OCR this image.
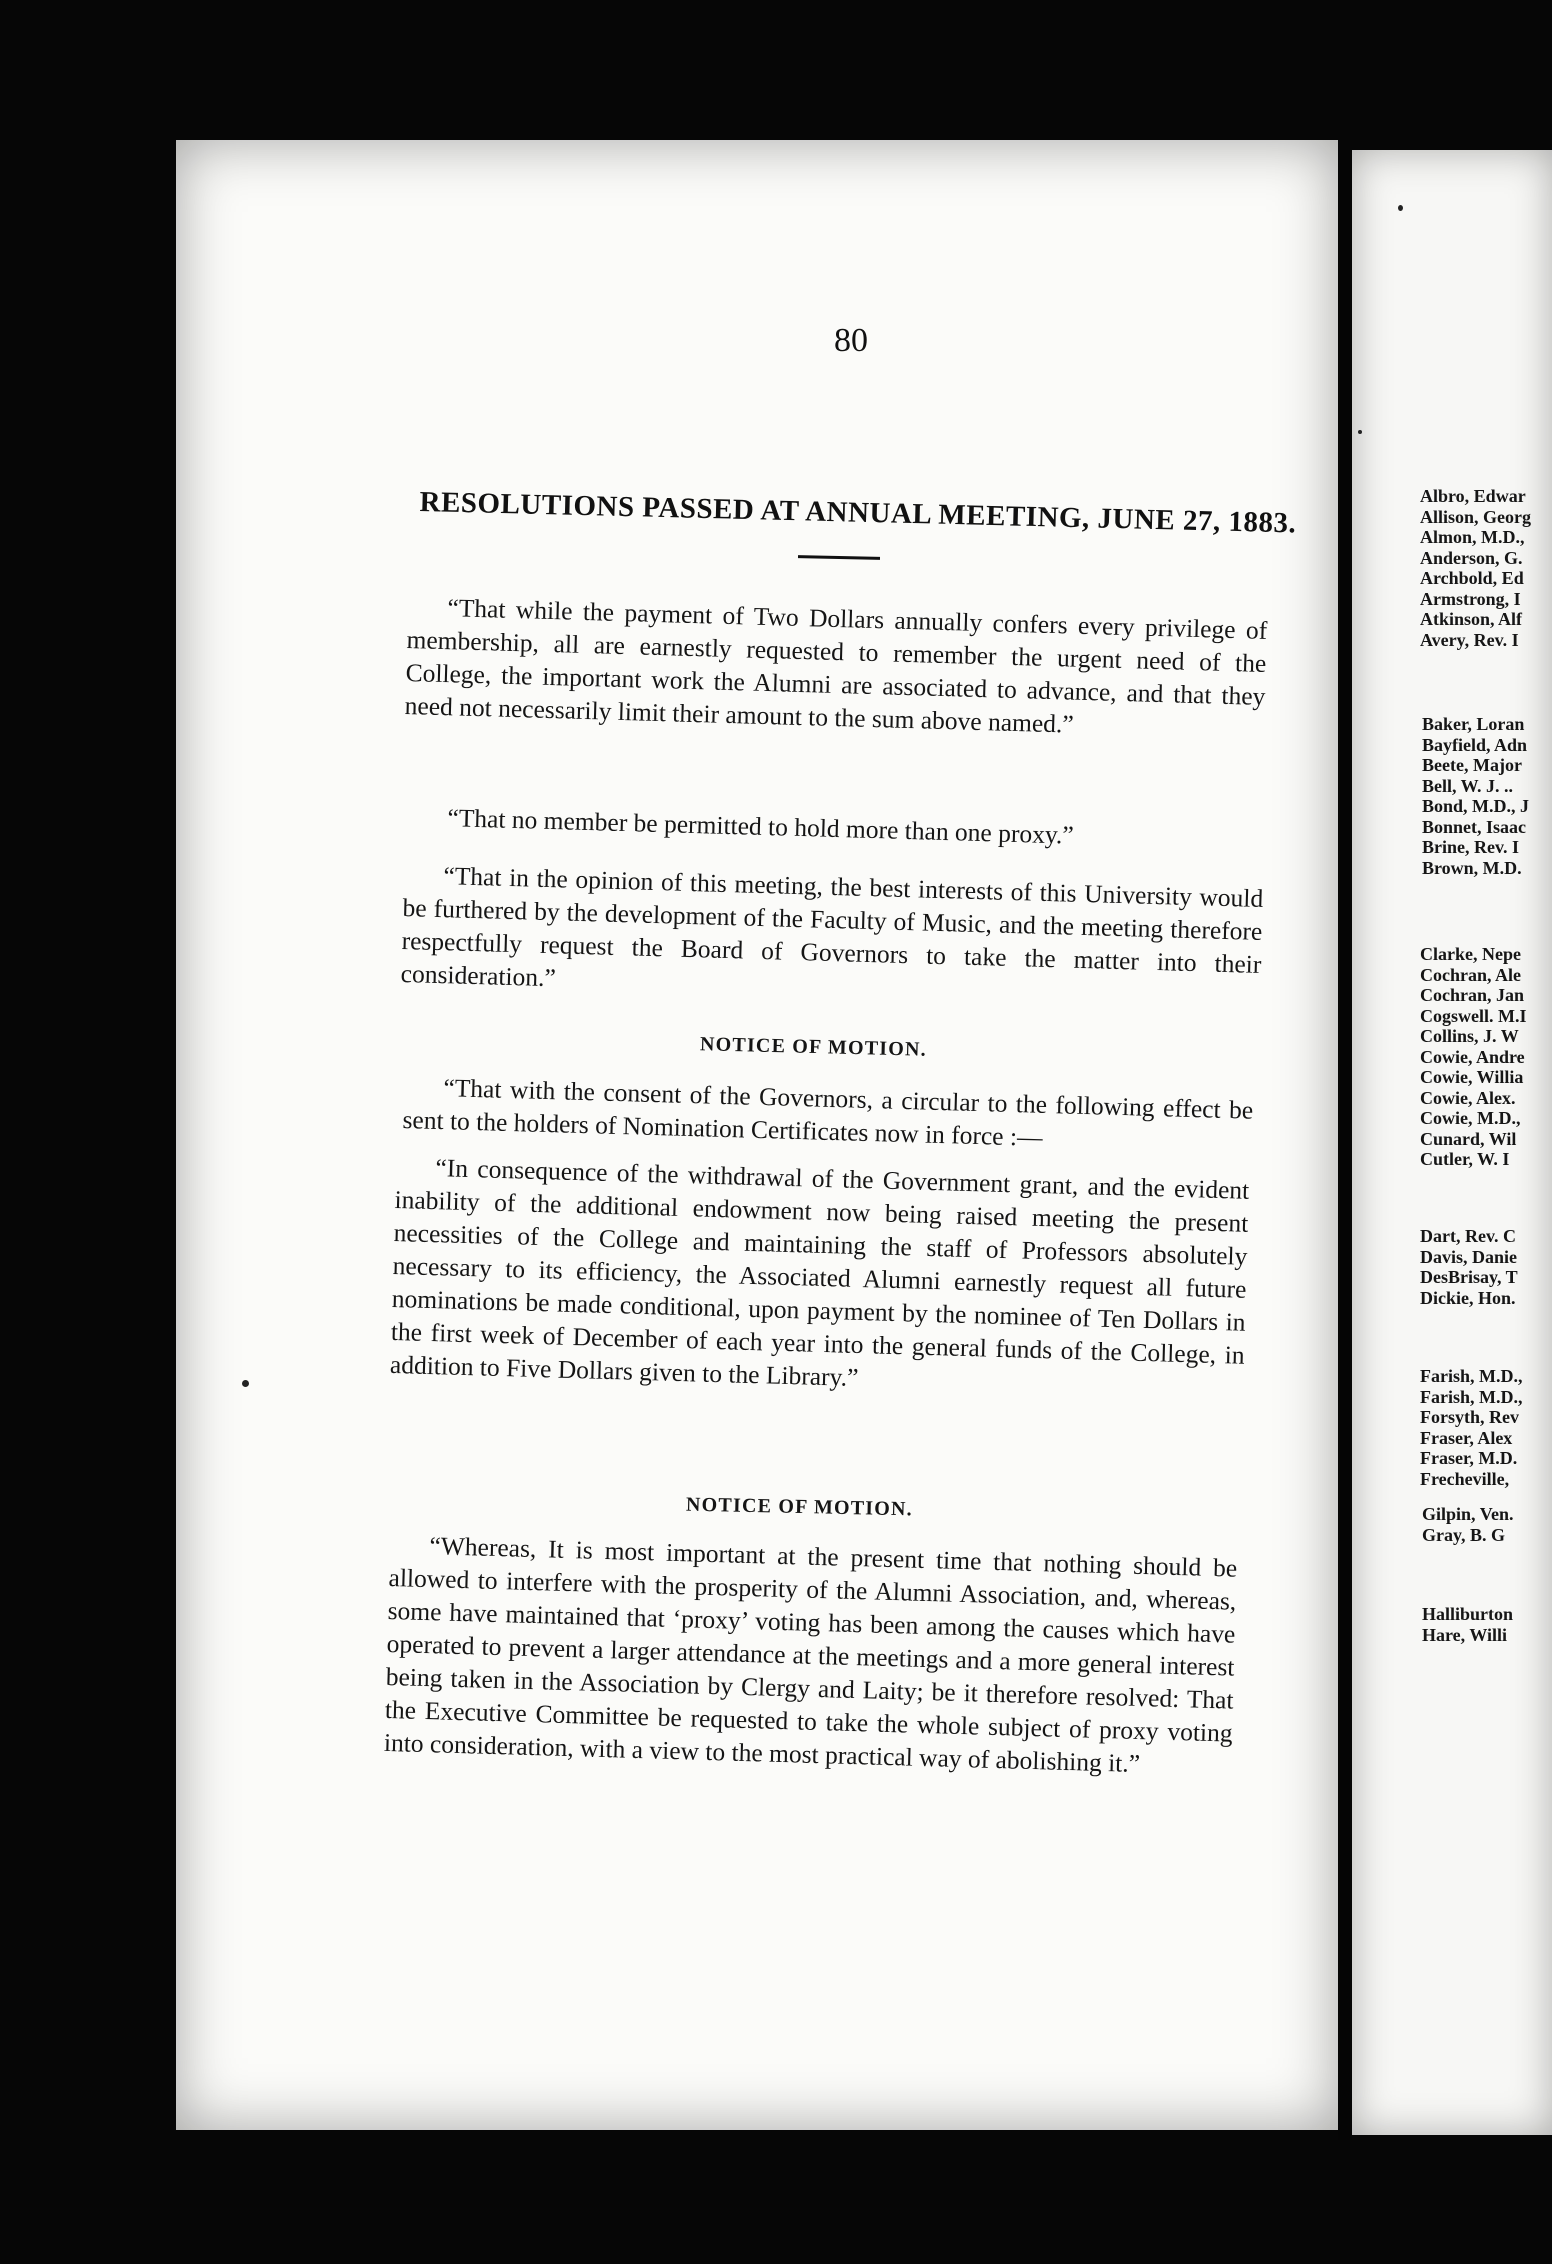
Albro, Edwar
Allison, Georg
Almon, M.D.,
Anderson, G.
Archbold, Ed
Armstrong, I
Atkinson, Alf
Avery, Rev. I
Baker, Loran
Bayfield, Adn
Beete, Major
Bell, W. J. ..
Bond, M.D., J
Bonnet, Isaac
Brine, Rev. I
Brown, M.D.
Clarke, Nepe
Cochran, Ale
Cochran, Jan
Cogswell. M.I
Collins, J. W
Cowie, Andre
Cowie, Willia
Cowie, Alex.
Cowie, M.D.,
Cunard, Wil
Cutler, W. I
Dart, Rev. C
Davis, Danie
DesBrisay, T
Dickie, Hon.
Farish, M.D.,
Farish, M.D.,
Forsyth, Rev
Fraser, Alex
Fraser, M.D.
Frecheville,
Gilpin, Ven.
Gray, B. G
Halliburton
Hare, Willi
80
RESOLUTIONS PASSED AT ANNUAL MEETING, JUNE 27, 1883.

“That while the payment of Two Dollars annually confers every privilege of membership, all are earnestly requested to remember the urgent need of the College, the important work the Alumni are associated to advance, and that they need not necessarily limit their amount to the sum above named.”

“That no member be permitted to hold more than one proxy.”

“That in the opinion of this meeting, the best interests of this University would be furthered by the development of the Faculty of Music, and the meeting therefore respectfully request the Board of Governors to take the matter into their consideration.”

NOTICE OF MOTION.

“That with the consent of the Governors, a circular to the following effect be sent to the holders of Nomination Certificates now in force :—

“In consequence of the withdrawal of the Government grant, and the evident inability of the additional endowment now being raised meeting the present necessities of the College and maintaining the staff of Professors absolutely necessary to its efficiency, the Associated Alumni earnestly request all future nominations be made conditional, upon payment by the nominee of Ten Dollars in the first week of December of each year into the general funds of the College, in addition to Five Dollars given to the Library.”

NOTICE OF MOTION.

“Whereas, It is most important at the present time that nothing should be allowed to interfere with the prosperity of the Alumni Association, and, whereas, some have maintained that ‘proxy’ voting has been among the causes which have operated to prevent a larger attendance at the meetings and a more general interest being taken in the Association by Clergy and Laity; be it therefore resolved: That the Executive Committee be requested to take the whole subject of proxy voting into consideration, with a view to the most practical way of abolishing it.”
